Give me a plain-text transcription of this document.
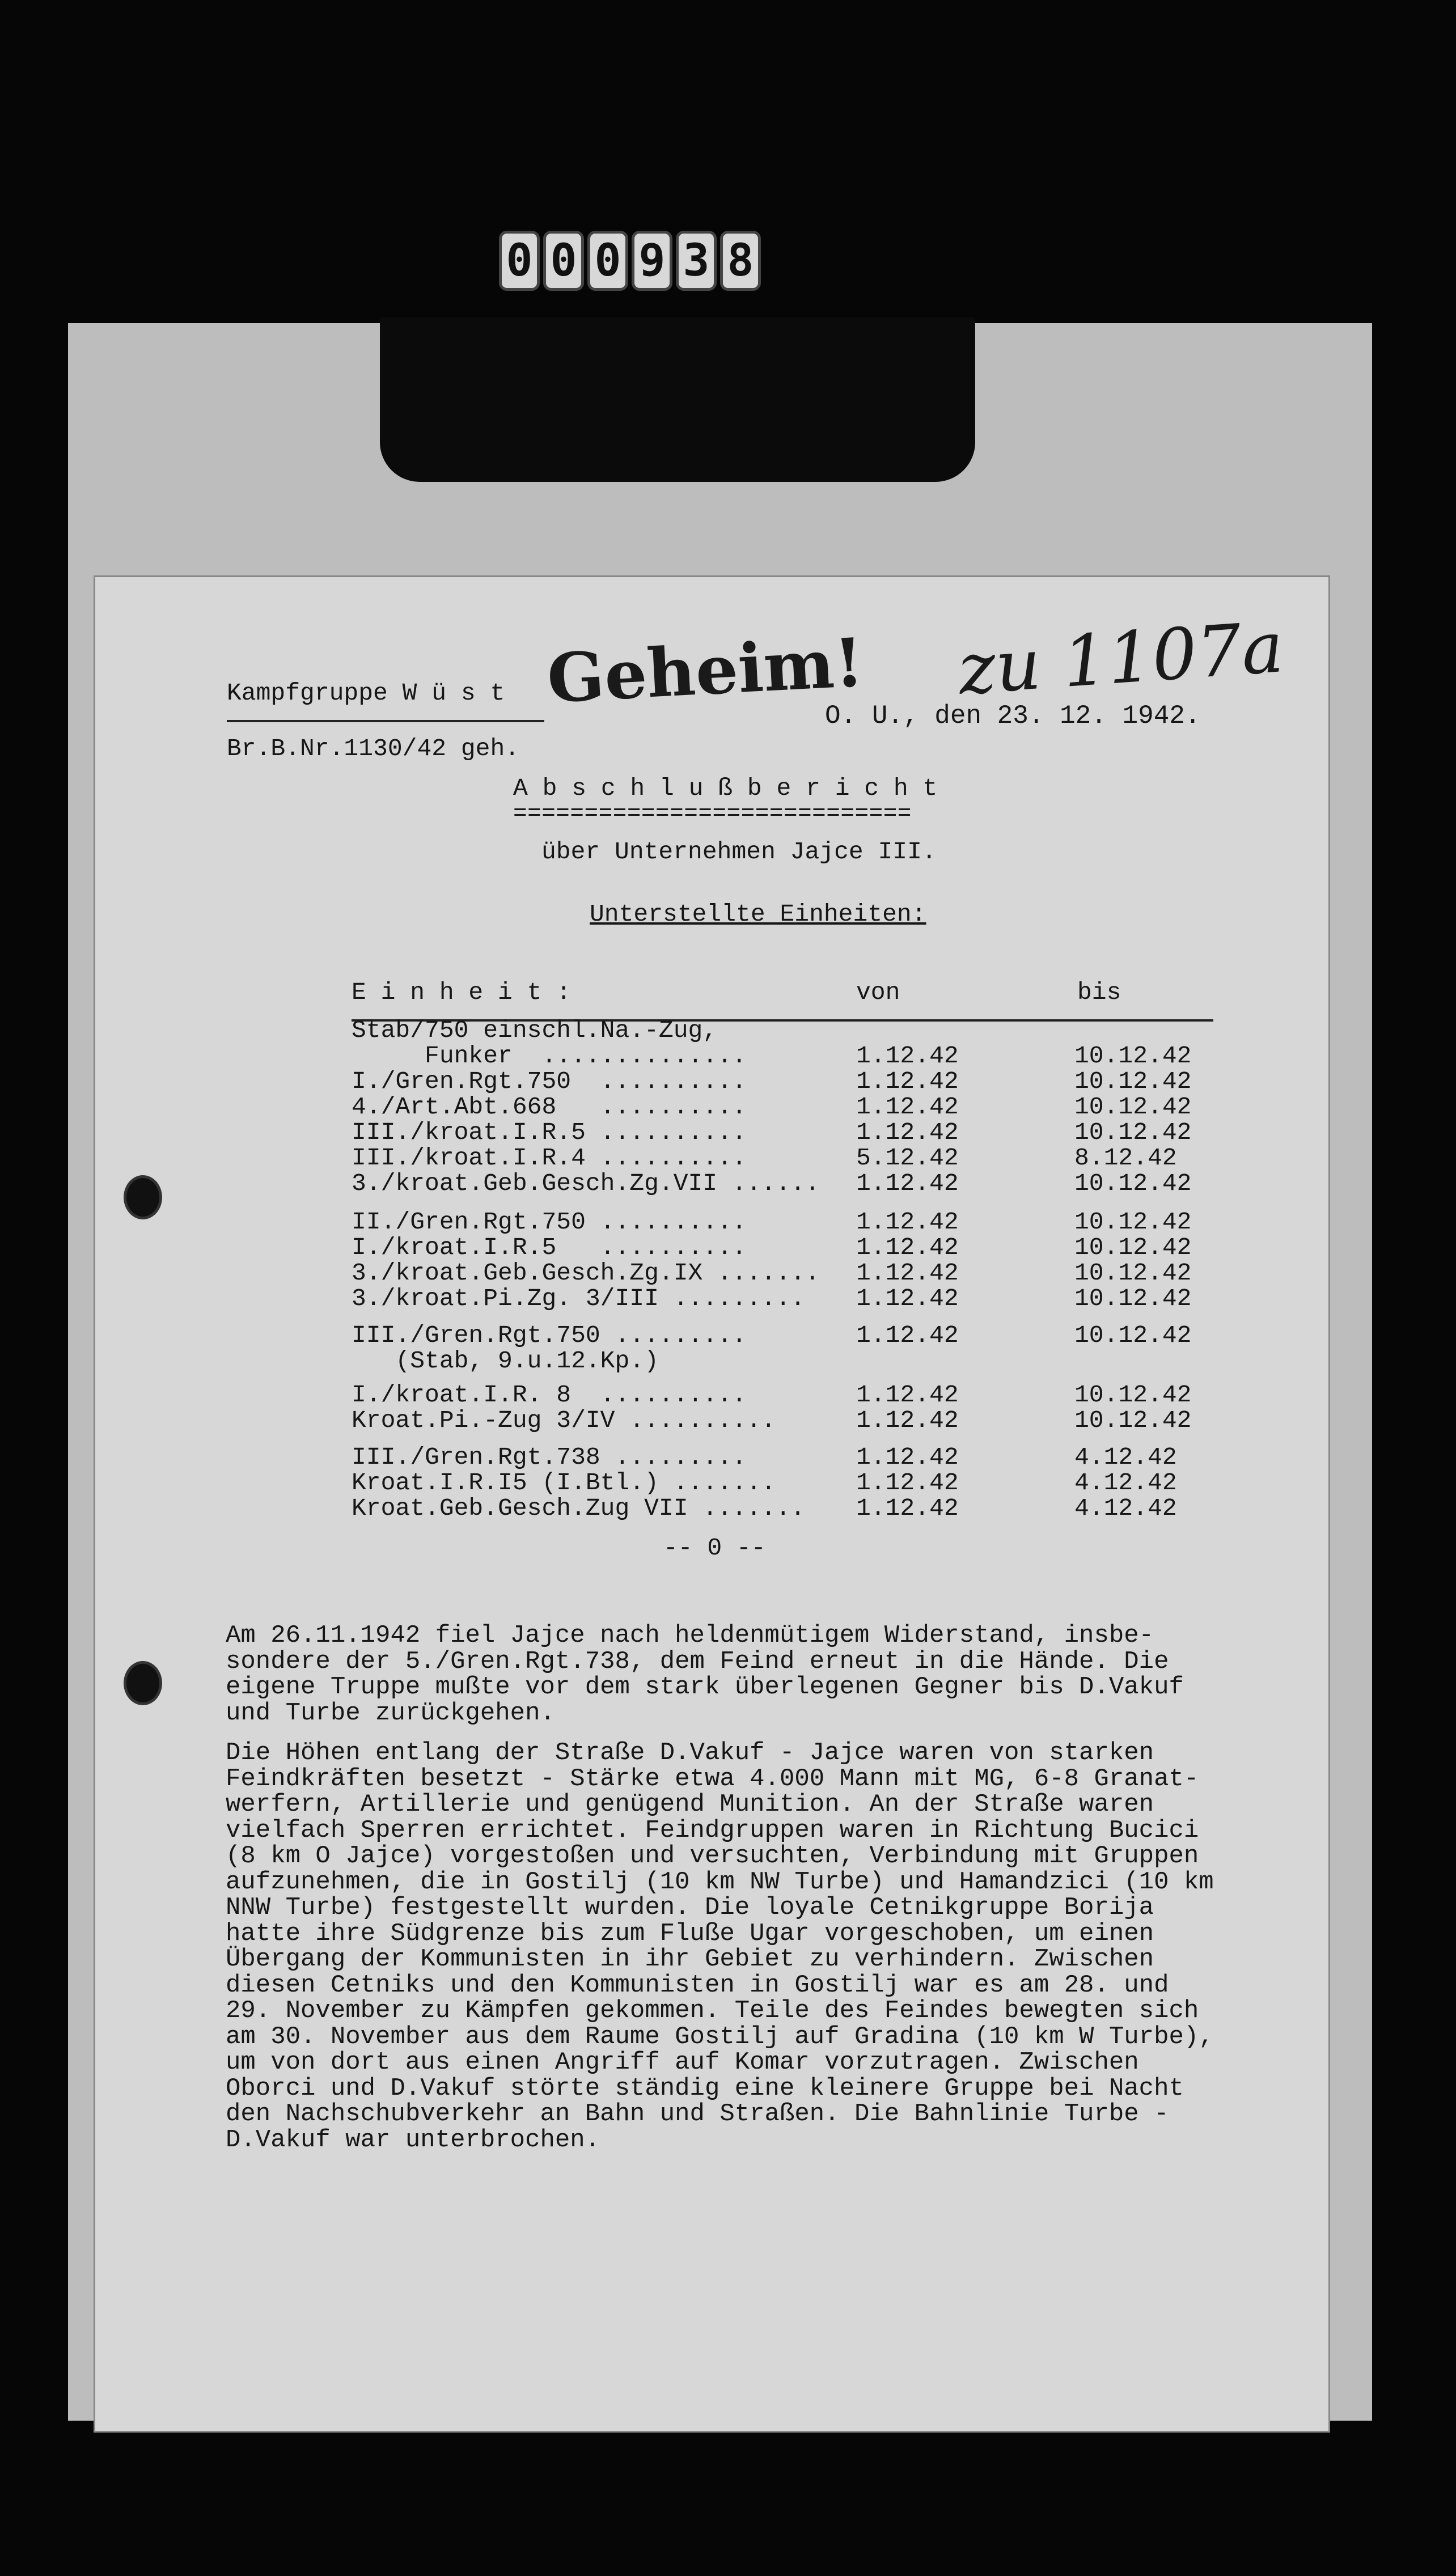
0 0 0 9 3 8
Geheim! zu 1107a
Kampfgruppe W ü s t
O. U., den 23. 12. 1942.
Br.B.Nr.1130/42 geh.
A b s c h l u ß b e r i c h t
============================
über Unternehmen Jajce III.
Unterstellte Einheiten:
E i n h e i t :	von	bis
Stab/750 einschl.Na.-Zug,
Funker  ..............	1.12.42	10.12.42
I./Gren.Rgt.750  ..........	1.12.42	10.12.42
4./Art.Abt.668   ..........	1.12.42	10.12.42
III./kroat.I.R.5 ..........	1.12.42	10.12.42
III./kroat.I.R.4 ..........	5.12.42	8.12.42
3./kroat.Geb.Gesch.Zg.VII ......	1.12.42	10.12.42
II./Gren.Rgt.750 ..........	1.12.42	10.12.42
I./kroat.I.R.5   ..........	1.12.42	10.12.42
3./kroat.Geb.Gesch.Zg.IX .......	1.12.42	10.12.42
3./kroat.Pi.Zg. 3/III .........	1.12.42	10.12.42
III./Gren.Rgt.750 .........	1.12.42	10.12.42
(Stab, 9.u.12.Kp.)
I./kroat.I.R. 8  ..........	1.12.42	10.12.42
Kroat.Pi.-Zug 3/IV ..........	1.12.42	10.12.42
III./Gren.Rgt.738 .........	1.12.42	4.12.42
Kroat.I.R.I5 (I.Btl.) .......	1.12.42	4.12.42
Kroat.Geb.Gesch.Zug VII .......	1.12.42	4.12.42
-- 0 --
Am 26.11.1942 fiel Jajce nach heldenmütigem Widerstand, insbe-
sondere der 5./Gren.Rgt.738, dem Feind erneut in die Hände. Die
eigene Truppe mußte vor dem stark überlegenen Gegner bis D.Vakuf
und Turbe zurückgehen.
Die Höhen entlang der Straße D.Vakuf - Jajce waren von starken
Feindkräften besetzt - Stärke etwa 4.000 Mann mit MG, 6-8 Granat-
werfern, Artillerie und genügend Munition. An der Straße waren
vielfach Sperren errichtet. Feindgruppen waren in Richtung Bucici
(8 km O Jajce) vorgestoßen und versuchten, Verbindung mit Gruppen
aufzunehmen, die in Gostilj (10 km NW Turbe) und Hamandzici (10 km
NNW Turbe) festgestellt wurden. Die loyale Cetnikgruppe Borija
hatte ihre Südgrenze bis zum Fluße Ugar vorgeschoben, um einen
Übergang der Kommunisten in ihr Gebiet zu verhindern. Zwischen
diesen Cetniks und den Kommunisten in Gostilj war es am 28. und
29. November zu Kämpfen gekommen. Teile des Feindes bewegten sich
am 30. November aus dem Raume Gostilj auf Gradina (10 km W Turbe),
um von dort aus einen Angriff auf Komar vorzutragen. Zwischen
Oborci und D.Vakuf störte ständig eine kleinere Gruppe bei Nacht
den Nachschubverkehr an Bahn und Straßen. Die Bahnlinie Turbe -
D.Vakuf war unterbrochen.
